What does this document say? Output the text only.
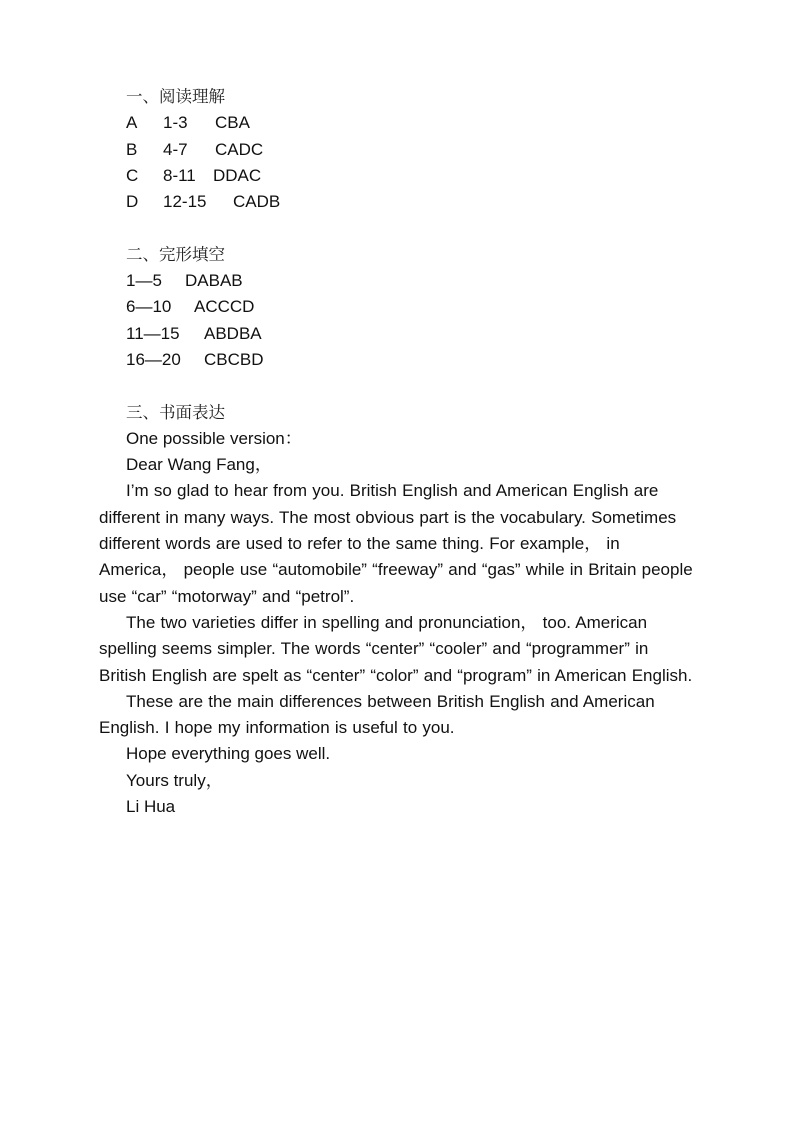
一、阅读理解
A 1-3 CBA
B 4-7 CADC
C 8-11 DDAC
D 12-15 CADB
二、完形填空
1—5 DABAB
6—10 ACCCD
11—15 ABDBA
16—20 CBCBD
三、书面表达
One possible version：
Dear Wang Fang，
I’m so glad to hear from you. British English and American English are different in many ways. The most obvious part is the vocabulary. Sometimes different words are used to refer to the same thing. For example， in America， people use “automobile” “freeway” and “gas” while in Britain people use “car” “motorway” and “petrol”.
The two varieties differ in spelling and pronunciation， too. American spelling seems simpler. The words “center” “cooler” and “programmer” in British English are spelt as “center” “color” and “program” in American English.
These are the main differences between British English and American English. I hope my information is useful to you.
Hope everything goes well.
Yours truly，
Li Hua
